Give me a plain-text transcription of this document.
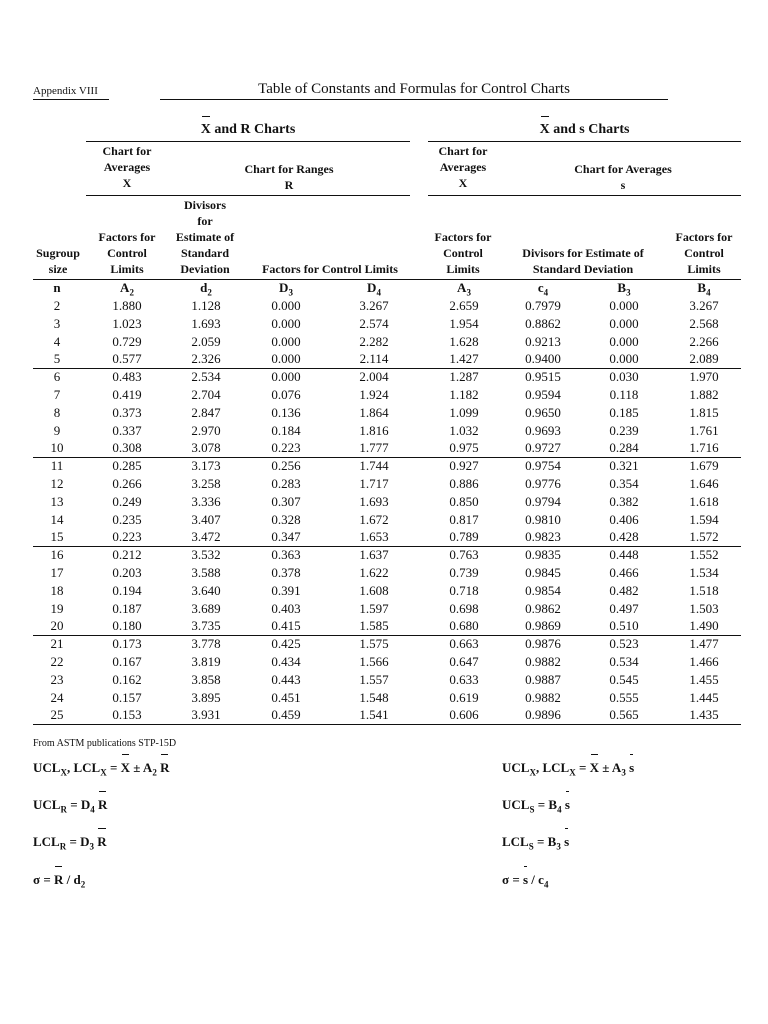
Appendix VIII	Table of Constants and Formulas for Control Charts
X and R Charts	X and s Charts
Chart for
Averages
X
Chart for Ranges
R
Chart for
Averages
X
Chart for Averages
s
Sugroup
size
Factors for
Control
Limits
Divisors
for
Estimate of
Standard
Deviation	Factors for Control Limits
Factors for
Control
Limits
Divisors for Estimate of
Standard Deviation
Factors for
Control
Limits
n	$A_2$	$d_2$	$D_3$	$D_4$	$A_3$	$c_4$	$B_3$	$B_4$
2	1.880	1.128	0.000	3.267	2.659	0.7979	0.000	3.267
3	1.023	1.693	0.000	2.574	1.954	0.8862	0.000	2.568
4	0.729	2.059	0.000	2.282	1.628	0.9213	0.000	2.266
5	0.577	2.326	0.000	2.114	1.427	0.9400	0.000	2.089
6	0.483	2.534	0.000	2.004	1.287	0.9515	0.030	1.970
7	0.419	2.704	0.076	1.924	1.182	0.9594	0.118	1.882
8	0.373	2.847	0.136	1.864	1.099	0.9650	0.185	1.815
9	0.337	2.970	0.184	1.816	1.032	0.9693	0.239	1.761
10	0.308	3.078	0.223	1.777	0.975	0.9727	0.284	1.716
11	0.285	3.173	0.256	1.744	0.927	0.9754	0.321	1.679
12	0.266	3.258	0.283	1.717	0.886	0.9776	0.354	1.646
13	0.249	3.336	0.307	1.693	0.850	0.9794	0.382	1.618
14	0.235	3.407	0.328	1.672	0.817	0.9810	0.406	1.594
15	0.223	3.472	0.347	1.653	0.789	0.9823	0.428	1.572
16	0.212	3.532	0.363	1.637	0.763	0.9835	0.448	1.552
17	0.203	3.588	0.378	1.622	0.739	0.9845	0.466	1.534
18	0.194	3.640	0.391	1.608	0.718	0.9854	0.482	1.518
19	0.187	3.689	0.403	1.597	0.698	0.9862	0.497	1.503
20	0.180	3.735	0.415	1.585	0.680	0.9869	0.510	1.490
21	0.173	3.778	0.425	1.575	0.663	0.9876	0.523	1.477
22	0.167	3.819	0.434	1.566	0.647	0.9882	0.534	1.466
23	0.162	3.858	0.443	1.557	0.633	0.9887	0.545	1.455
24	0.157	3.895	0.451	1.548	0.619	0.9882	0.555	1.445
25	0.153	3.931	0.459	1.541	0.606	0.9896	0.565	1.435
From ASTM publications STP-15D
$UCL_X$, $LCL_X = X \pm A_2$ R
$UCL_R = D_4$ R
$LCL_R = D_3$ R
$\sigma = R / d_2$
$UCL_X$, $LCL_X = X \pm A_3$ s
$UCL_S = B_4$ s
$LCL_S = B_3$ s
$\sigma = s / c_4$
